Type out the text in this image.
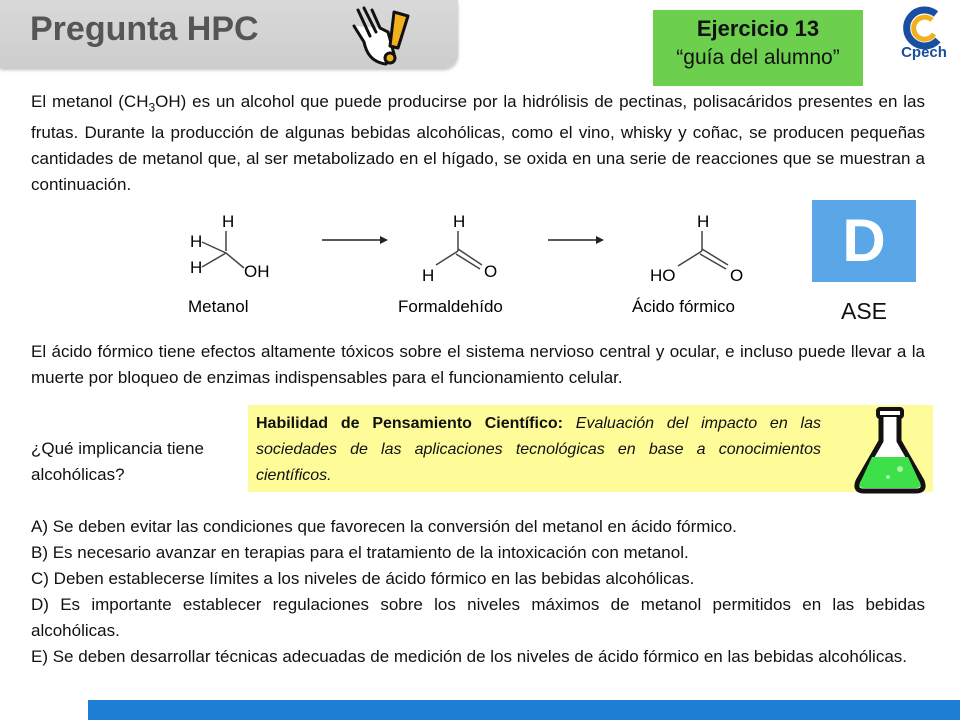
Pregunta HPC	Ejercicio 13
“guía del alumno”	Cpech
El metanol $(CH_3OH)$ es un alcohol que puede producirse por la hidrólisis de pectinas, polisacáridos presentes en las frutas. Durante la producción de algunas bebidas alcohólicas, como el vino, whisky y coñac, se producen pequeñas cantidades de metanol que, al ser metabolizado en el hígado, se oxida en una serie de reacciones que se muestran a continuación.
H
H
H OH
Metanol
H
H	O
Formaldehído
H
HO	O
Ácido fórmico
D
ASE
El ácido fórmico tiene efectos altamente tóxicos sobre el sistema nervioso central y ocular, e incluso puede llevar a la muerte por bloqueo de enzimas indispensables para el funcionamiento celular.
¿Qué implicancia tiene
alcohólicas?
Habilidad de Pensamiento Científico: Evaluación del impacto en las sociedades de las aplicaciones tecnológicas en base a conocimientos científicos.
A) Se deben evitar las condiciones que favorecen la conversión del metanol en ácido fórmico.
B) Es necesario avanzar en terapias para el tratamiento de la intoxicación con metanol.
C) Deben establecerse límites a los niveles de ácido fórmico en las bebidas alcohólicas.
D) Es importante establecer regulaciones sobre los niveles máximos de metanol permitidos en las bebidas alcohólicas.
E) Se deben desarrollar técnicas adecuadas de medición de los niveles de ácido fórmico en las bebidas alcohólicas.
